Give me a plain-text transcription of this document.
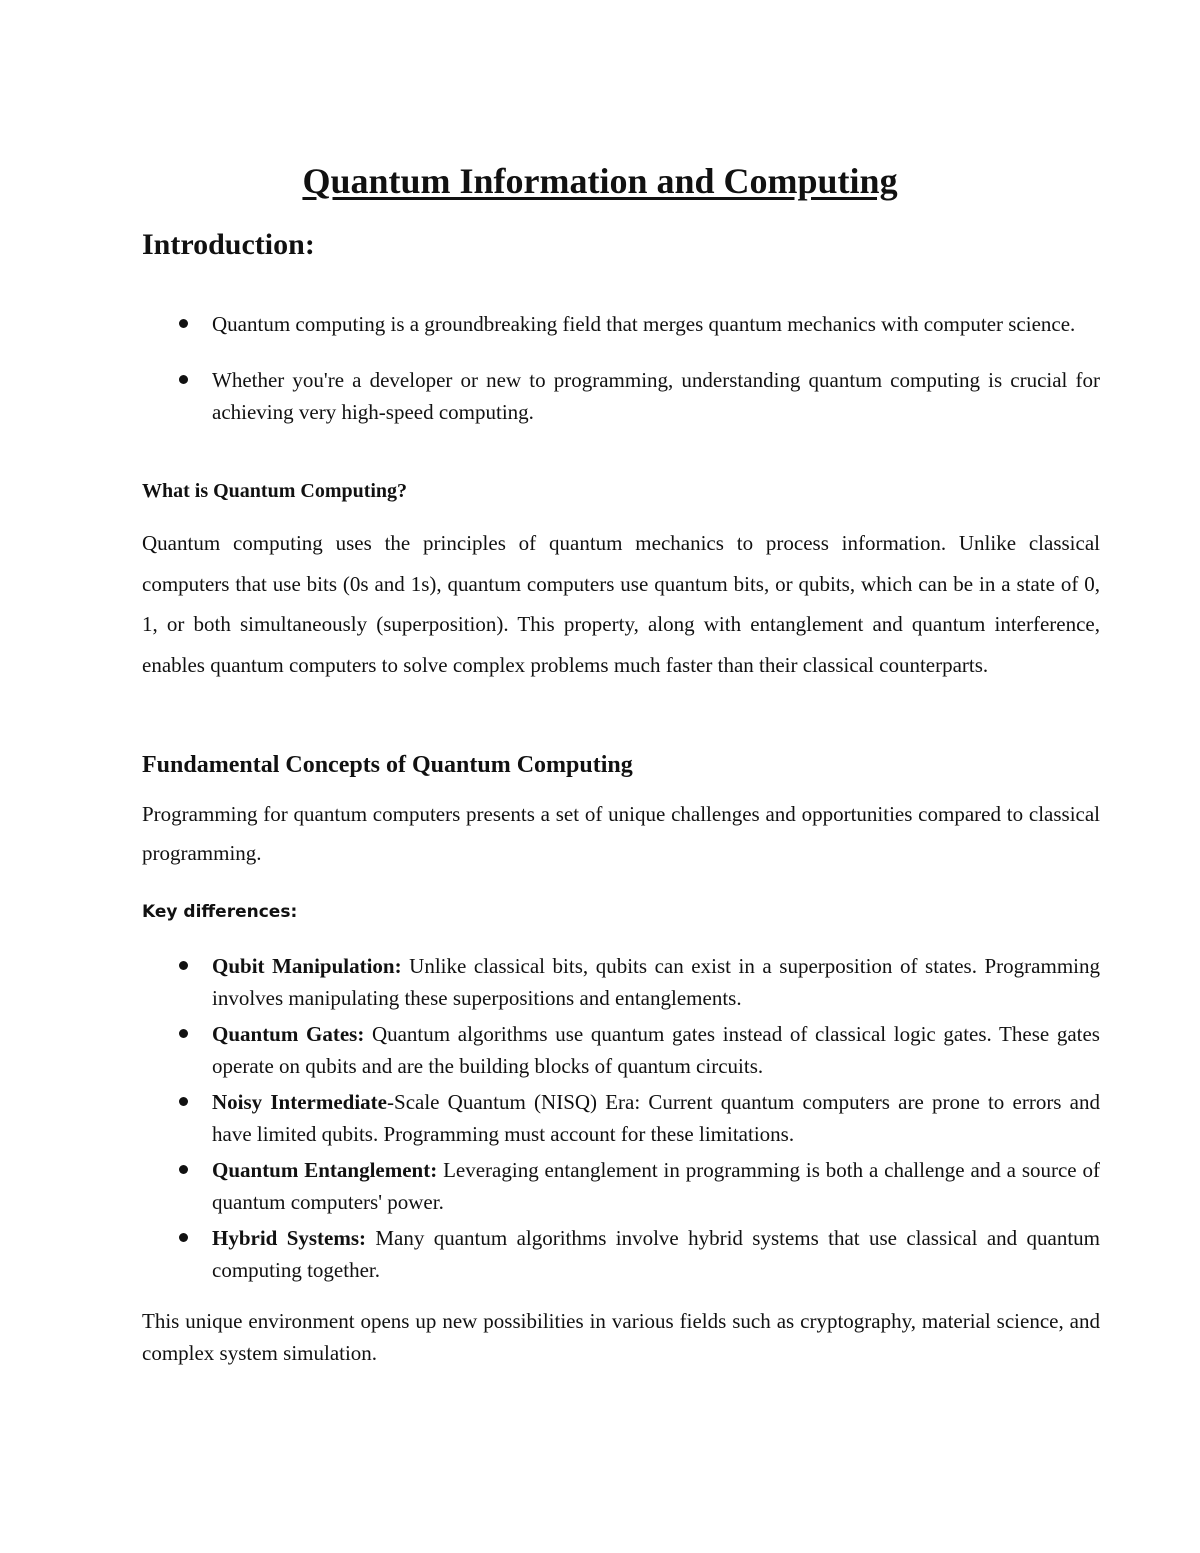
Quantum Information and Computing
Introduction:
Quantum computing is a groundbreaking field that merges quantum mechanics with computer science.
Whether you're a developer or new to programming, understanding quantum computing is crucial for achieving very high-speed computing.
What is Quantum Computing?

Quantum computing uses the principles of quantum mechanics to process information. Unlike classical computers that use bits (0s and 1s), quantum computers use quantum bits, or qubits, which can be in a state of 0, 1, or both simultaneously (superposition). This property, along with entanglement and quantum interference, enables quantum computers to solve complex problems much faster than their classical counterparts.

Fundamental Concepts of Quantum Computing

Programming for quantum computers presents a set of unique challenges and opportunities compared to classical programming.

Key differences:
Qubit Manipulation: Unlike classical bits, qubits can exist in a superposition of states. Programming involves manipulating these superpositions and entanglements.
Quantum Gates: Quantum algorithms use quantum gates instead of classical logic gates. These gates operate on qubits and are the building blocks of quantum circuits.
Noisy Intermediate-Scale Quantum (NISQ) Era: Current quantum computers are prone to errors and have limited qubits. Programming must account for these limitations.
Quantum Entanglement: Leveraging entanglement in programming is both a challenge and a source of quantum computers' power.
Hybrid Systems: Many quantum algorithms involve hybrid systems that use classical and quantum computing together.

This unique environment opens up new possibilities in various fields such as cryptography, material science, and complex system simulation.
